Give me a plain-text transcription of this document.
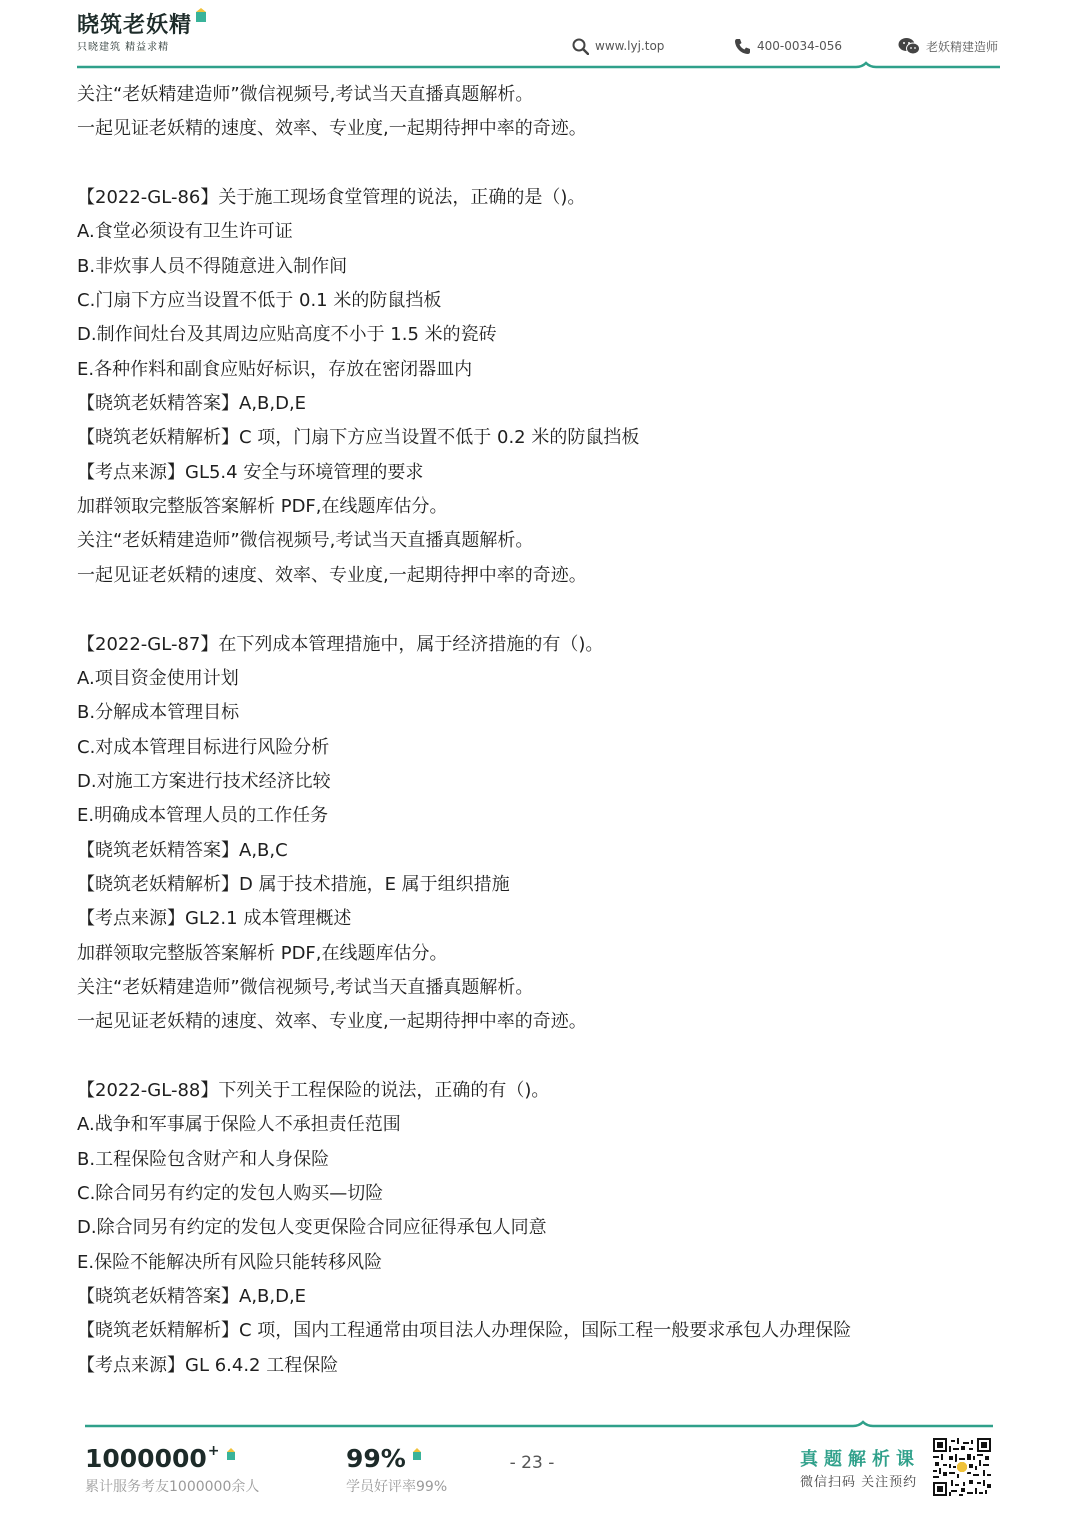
晓筑老妖精
只晓建筑 精益求精	www.lyj.top	400-0034-056	老妖精建造师
关注“老妖精建造师”微信视频号,考试当天直播真题解析。
一起见证老妖精的速度、效率、专业度,一起期待押中率的奇迹。
【2022-GL-86】关于施工现场食堂管理的说法，正确的是（)。
A.食堂必须设有卫生许可证
B.非炊事人员不得随意进入制作间
C.门扇下方应当设置不低于 0.1 米的防鼠挡板
D.制作间灶台及其周边应贴高度不小于 1.5 米的瓷砖
E.各种作料和副食应贴好标识，存放在密闭器皿内
【晓筑老妖精答案】A,B,D,E
【晓筑老妖精解析】C 项，门扇下方应当设置不低于 0.2 米的防鼠挡板
【考点来源】GL5.4 安全与环境管理的要求
加群领取完整版答案解析 PDF,在线题库估分。
关注“老妖精建造师”微信视频号,考试当天直播真题解析。
一起见证老妖精的速度、效率、专业度,一起期待押中率的奇迹。
【2022-GL-87】在下列成本管理措施中，属于经济措施的有（)。
A.项目资金使用计划
B.分解成本管理目标
C.对成本管理目标进行风险分析
D.对施工方案进行技术经济比较
E.明确成本管理人员的工作任务
【晓筑老妖精答案】A,B,C
【晓筑老妖精解析】D 属于技术措施，E 属于组织措施
【考点来源】GL2.1 成本管理概述
加群领取完整版答案解析 PDF,在线题库估分。
关注“老妖精建造师”微信视频号,考试当天直播真题解析。
一起见证老妖精的速度、效率、专业度,一起期待押中率的奇迹。
【2022-GL-88】下列关于工程保险的说法，正确的有（)。
A.战争和军事属于保险人不承担责任范围
B.工程保险包含财产和人身保险
C.除合同另有约定的发包人购买—切险
D.除合同另有约定的发包人变更保险合同应征得承包人同意
E.保险不能解决所有风险只能转移风险
【晓筑老妖精答案】A,B,D,E
【晓筑老妖精解析】C 项，国内工程通常由项目法人办理保险，国际工程一般要求承包人办理保险
【考点来源】GL 6.4.2 工程保险
1000000+
累计服务考友1000000余人
99%
学员好评率99%
- 23 -	真题解析课
微信扫码 关注预约
